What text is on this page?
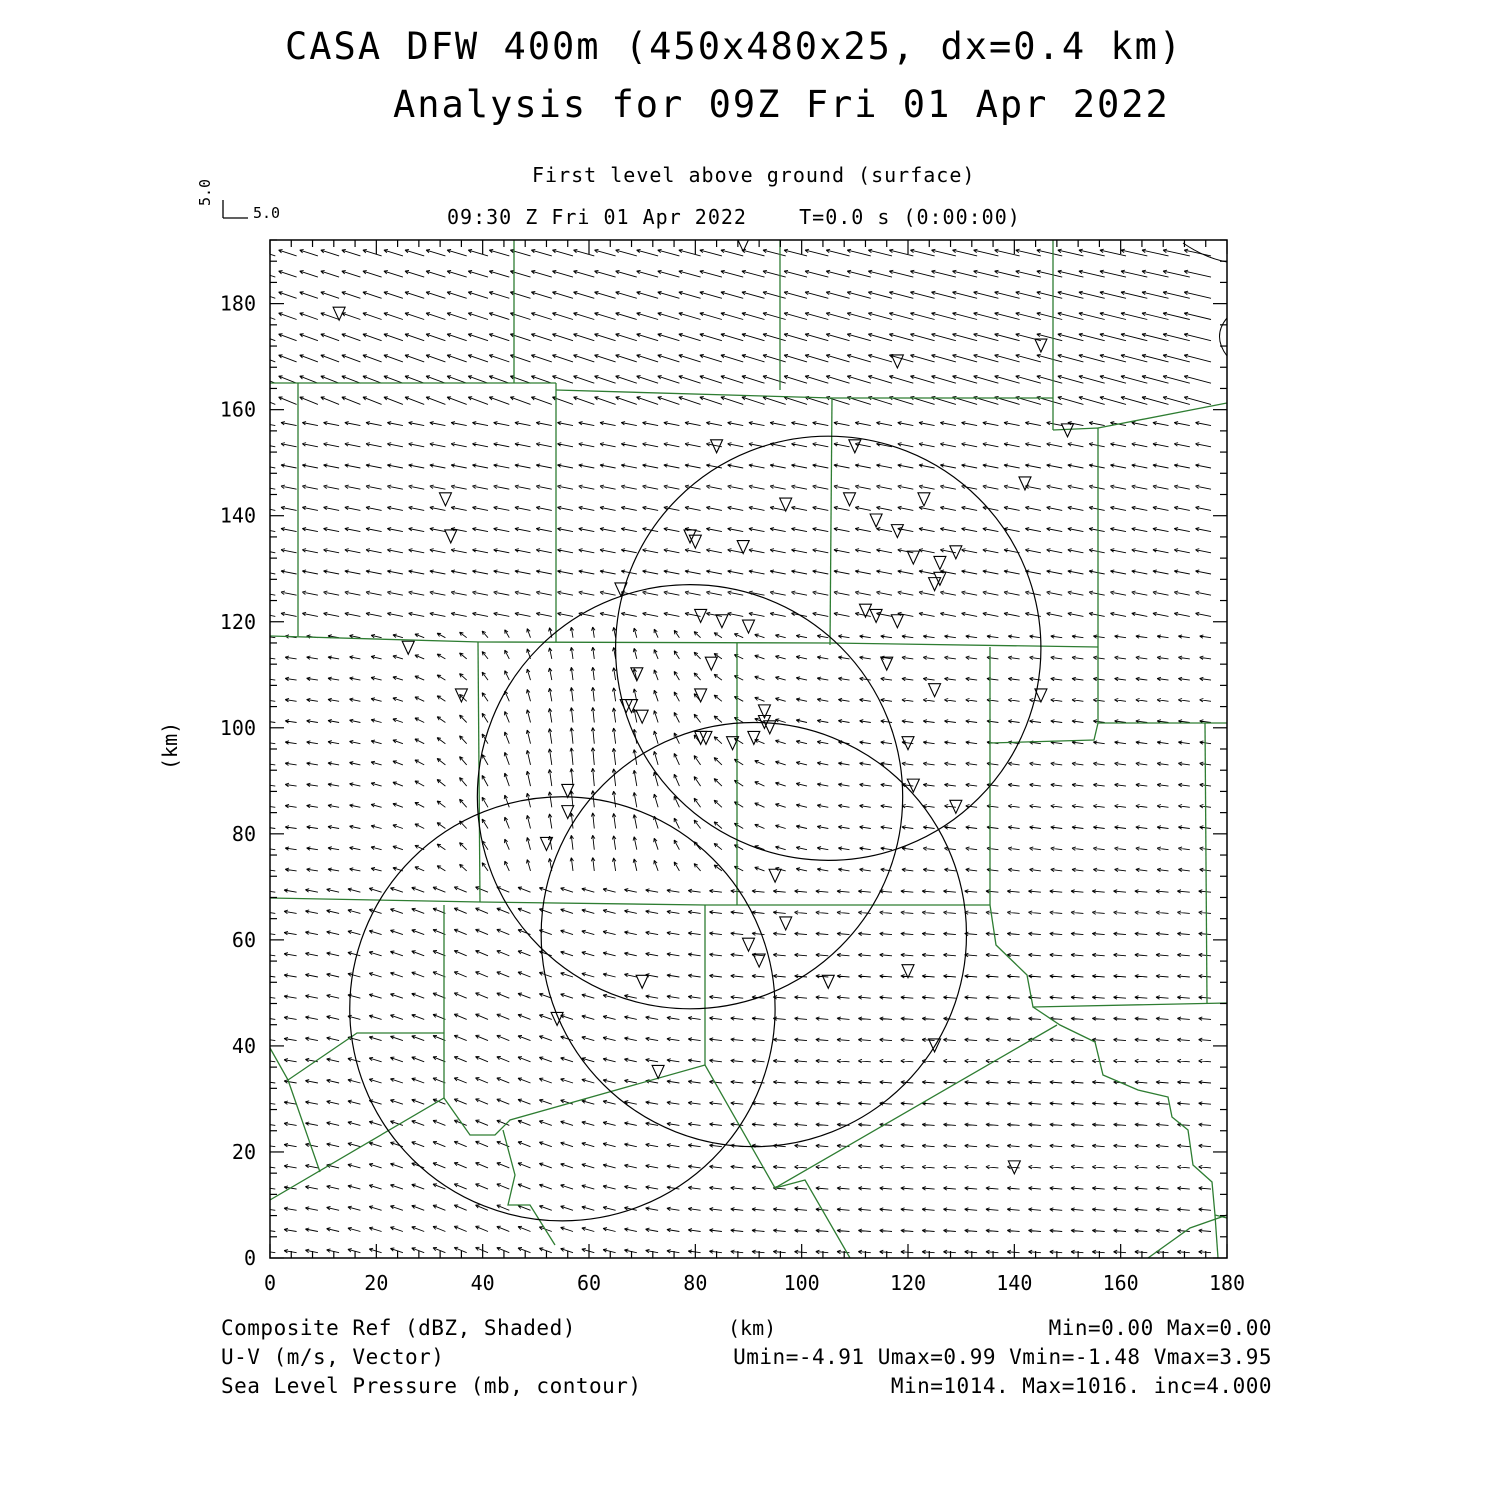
CASA DFW 400m (450x480x25, dx=0.4 km)
Analysis for 09Z Fri 01 Apr 2022
First level above ground (surface)
09:30 Z Fri 01 Apr 2022    T=0.0 s (0:00:00)
5.0
5.0
(km)
(km)
Composite Ref (dBZ, Shaded)	Min=0.00 Max=0.00
U-V (m/s, Vector)	Umin=-4.91 Umax=0.99 Vmin=-1.48 Vmax=3.95
Sea Level Pressure (mb, contour)	Min=1014. Max=1016. inc=4.000
0	20	40	60	80	100	120	140	160	180
0
20
40
60
80
100
120
140
160
180
